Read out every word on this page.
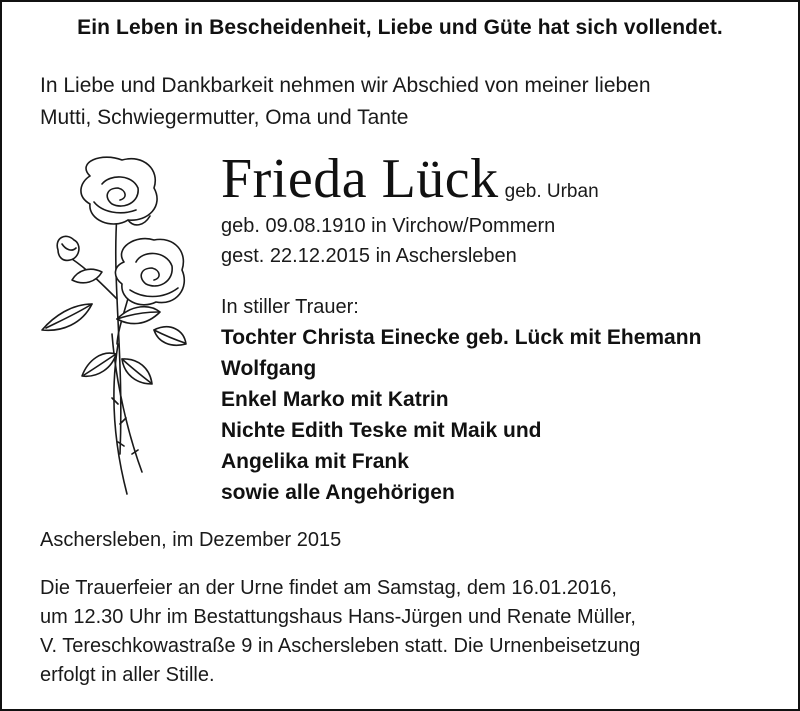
Ein Leben in Bescheidenheit, Liebe und Güte hat sich vollendet.
In Liebe und Dankbarkeit nehmen wir Abschied von meiner lieben
Mutti, Schwiegermutter, Oma und Tante
Frieda Lück geb. Urban
geb. 09.08.1910 in Virchow/Pommern
gest. 22.12.2015 in Aschersleben
In stiller Trauer:
Tochter Christa Einecke geb. Lück mit Ehemann
Wolfgang
Enkel Marko mit Katrin
Nichte Edith Teske mit Maik und
Angelika mit Frank
sowie alle Angehörigen
Aschersleben, im Dezember 2015
Die Trauerfeier an der Urne findet am Samstag, dem 16.01.2016,
um 12.30 Uhr im Bestattungshaus Hans-Jürgen und Renate Müller,
V. Tereschkowastraße 9 in Aschersleben statt. Die Urnenbeisetzung
erfolgt in aller Stille.
